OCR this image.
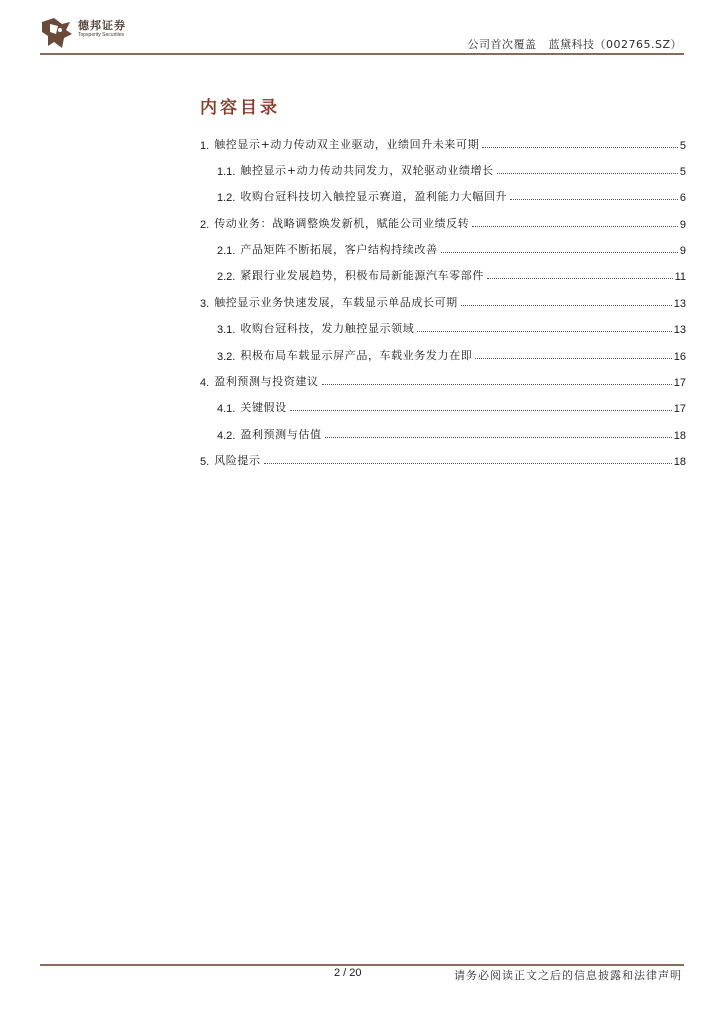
德邦证券
Topsperity Securities
公司首次覆盖 蓝黛科技（002765.SZ）
内容目录
1. 触控显示+动力传动双主业驱动，业绩回升未来可期	5
1.1. 触控显示+动力传动共同发力，双轮驱动业绩增长	5
1.2. 收购台冠科技切入触控显示赛道，盈利能力大幅回升	6
2. 传动业务：战略调整焕发新机，赋能公司业绩反转	9
2.1. 产品矩阵不断拓展，客户结构持续改善	9
2.2. 紧跟行业发展趋势，积极布局新能源汽车零部件	11
3. 触控显示业务快速发展，车载显示单品成长可期	13
3.1. 收购台冠科技，发力触控显示领域	13
3.2. 积极布局车载显示屏产品，车载业务发力在即	16
4. 盈利预测与投资建议	17
4.1. 关键假设	17
4.2. 盈利预测与估值	18
5. 风险提示	18
2 / 20	请务必阅读正文之后的信息披露和法律声明
